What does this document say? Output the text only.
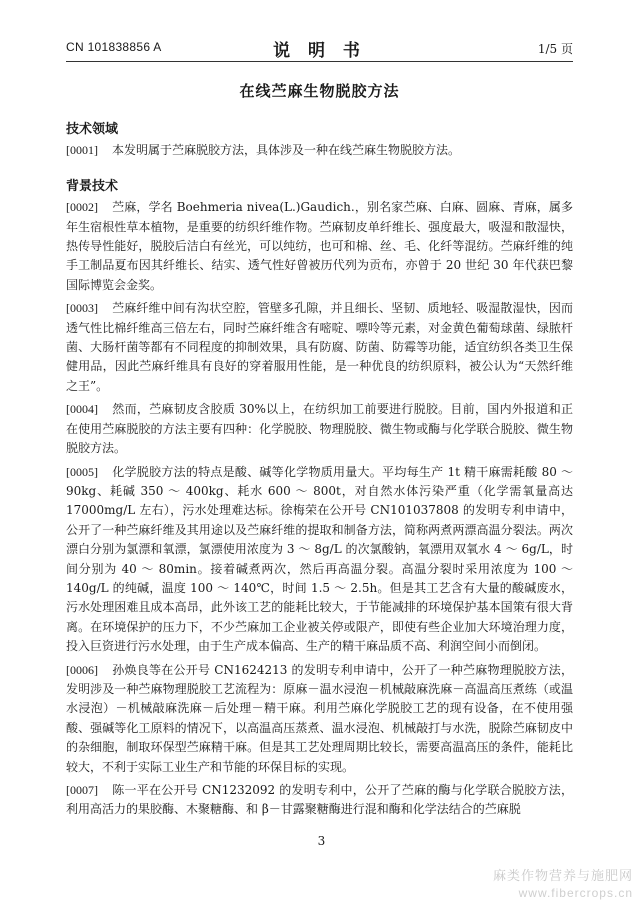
CN 101838856 A	说 明 书	1/5 页
在线苎麻生物脱胶方法
技术领域
[0001] 本发明属于苎麻脱胶方法，具体涉及一种在线苎麻生物脱胶方法。
背景技术
[0002] 苎麻，学名 Boehmeria nivea(L.)Gaudich.，别名家苎麻、白麻、圆麻、青麻，属多年生宿根性草本植物，是重要的纺织纤维作物。苎麻韧皮单纤维长、强度最大，吸湿和散湿快，热传导性能好，脱胶后洁白有丝光，可以纯纺，也可和棉、丝、毛、化纤等混纺。苎麻纤维的纯手工制品夏布因其纤维长、结实、透气性好曾被历代列为贡布，亦曾于 20 世纪 30 年代获巴黎国际博览会金奖。
[0003] 苎麻纤维中间有沟状空腔，管壁多孔隙，并且细长、坚韧、质地轻、吸湿散湿快，因而透气性比棉纤维高三倍左右，同时苎麻纤维含有嘧啶、嘌呤等元素，对金黄色葡萄球菌、绿脓杆菌、大肠杆菌等都有不同程度的抑制效果，具有防腐、防菌、防霉等功能，适宜纺织各类卫生保健用品，因此苎麻纤维具有良好的穿着服用性能，是一种优良的纺织原料，被公认为“天然纤维之王”。
[0004] 然而，苎麻韧皮含胶质 30%以上，在纺织加工前要进行脱胶。目前，国内外报道和正在使用苎麻脱胶的方法主要有四种：化学脱胶、物理脱胶、微生物或酶与化学联合脱胶、微生物脱胶方法。
[0005] 化学脱胶方法的特点是酸、碱等化学物质用量大。平均每生产 1t 精干麻需耗酸 80 ～ 90kg、耗碱 350 ～ 400kg、耗水 600 ～ 800t，对自然水体污染严重（化学需氧量高达 17000mg/L 左右），污水处理难达标。徐梅荣在公开号 CN101037808 的发明专利申请中，公开了一种苎麻纤维及其用途以及苎麻纤维的提取和制备方法，简称两煮两漂高温分裂法。两次漂白分别为氯漂和氧漂，氯漂使用浓度为 3 ～ 8g/L 的次氯酸钠，氧漂用双氧水 4 ～ 6g/L，时间分别为 40 ～ 80min。接着碱煮两次，然后再高温分裂。高温分裂时采用浓度为 100 ～ 140g/L 的纯碱，温度 100 ～ 140℃，时间 1.5 ～ 2.5h。但是其工艺含有大量的酸碱废水，污水处理困难且成本高昂，此外该工艺的能耗比较大，于节能减排的环境保护基本国策有很大背离。在环境保护的压力下，不少苎麻加工企业被关停或限产，即使有些企业加大环境治理力度，投入巨资进行污水处理，由于生产成本偏高、生产的精干麻品质不高、利润空间小而倒闭。
[0006] 孙焕良等在公开号 CN1624213 的发明专利申请中，公开了一种苎麻物理脱胶方法，发明涉及一种苎麻物理脱胶工艺流程为：原麻－温水浸泡－机械敲麻洗麻－高温高压煮练（或温水浸泡）－机械敲麻洗麻－后处理－精干麻。利用苎麻化学脱胶工艺的现有设备，在不使用强酸、强碱等化工原料的情况下，以高温高压蒸煮、温水浸泡、机械敲打与水洗，脱除苎麻韧皮中的杂细胞，制取环保型苎麻精干麻。但是其工艺处理周期比较长，需要高温高压的条件，能耗比较大，不利于实际工业生产和节能的环保目标的实现。
[0007] 陈一平在公开号 CN1232092 的发明专利中，公开了苎麻的酶与化学联合脱胶方法，利用高活力的果胶酶、木聚糖酶、和 β－甘露聚糖酶进行混和酶和化学法结合的苎麻脱
3
麻类作物营养与施肥网
www.fibercrops.cn
